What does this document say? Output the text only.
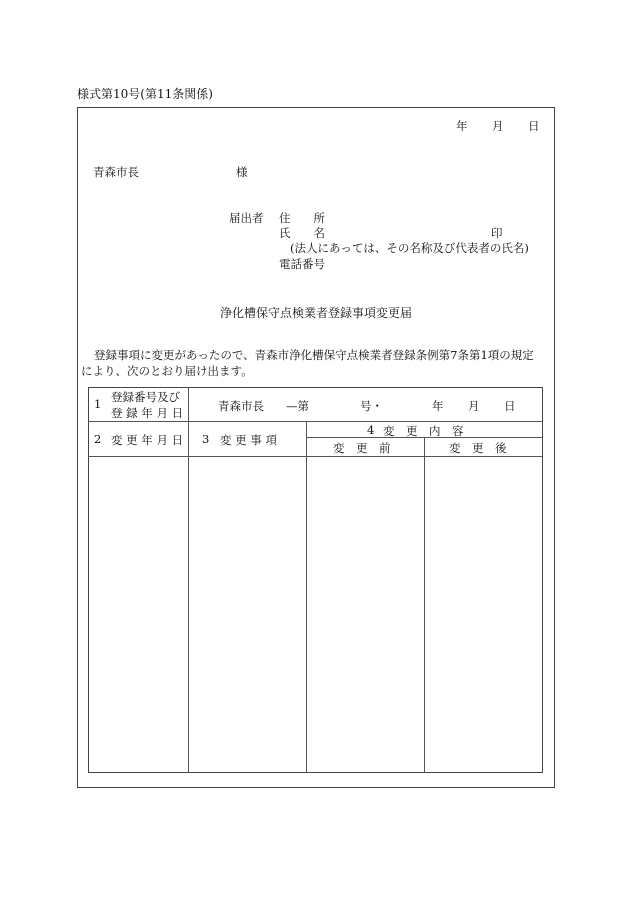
様式第10号(第11条関係)
年 月 日
青森市長	様
届出者 住　　所
氏　　名	印
(法人にあっては、その名称及び代表者の氏名)
電話番号
浄化槽保守点検業者登録事項変更届
登録事項に変更があったので、青森市浄化槽保守点検業者登録条例第7条第1項の規定
により、次のとおり届け出ます。
1 登録番号及び
登 録 年 月 日	青森市長 —第	号・	年 月 日
2 変 更 年 月 日 3 変 更 事 項
4 変　更　内　容
変　更　前	変　更　後
